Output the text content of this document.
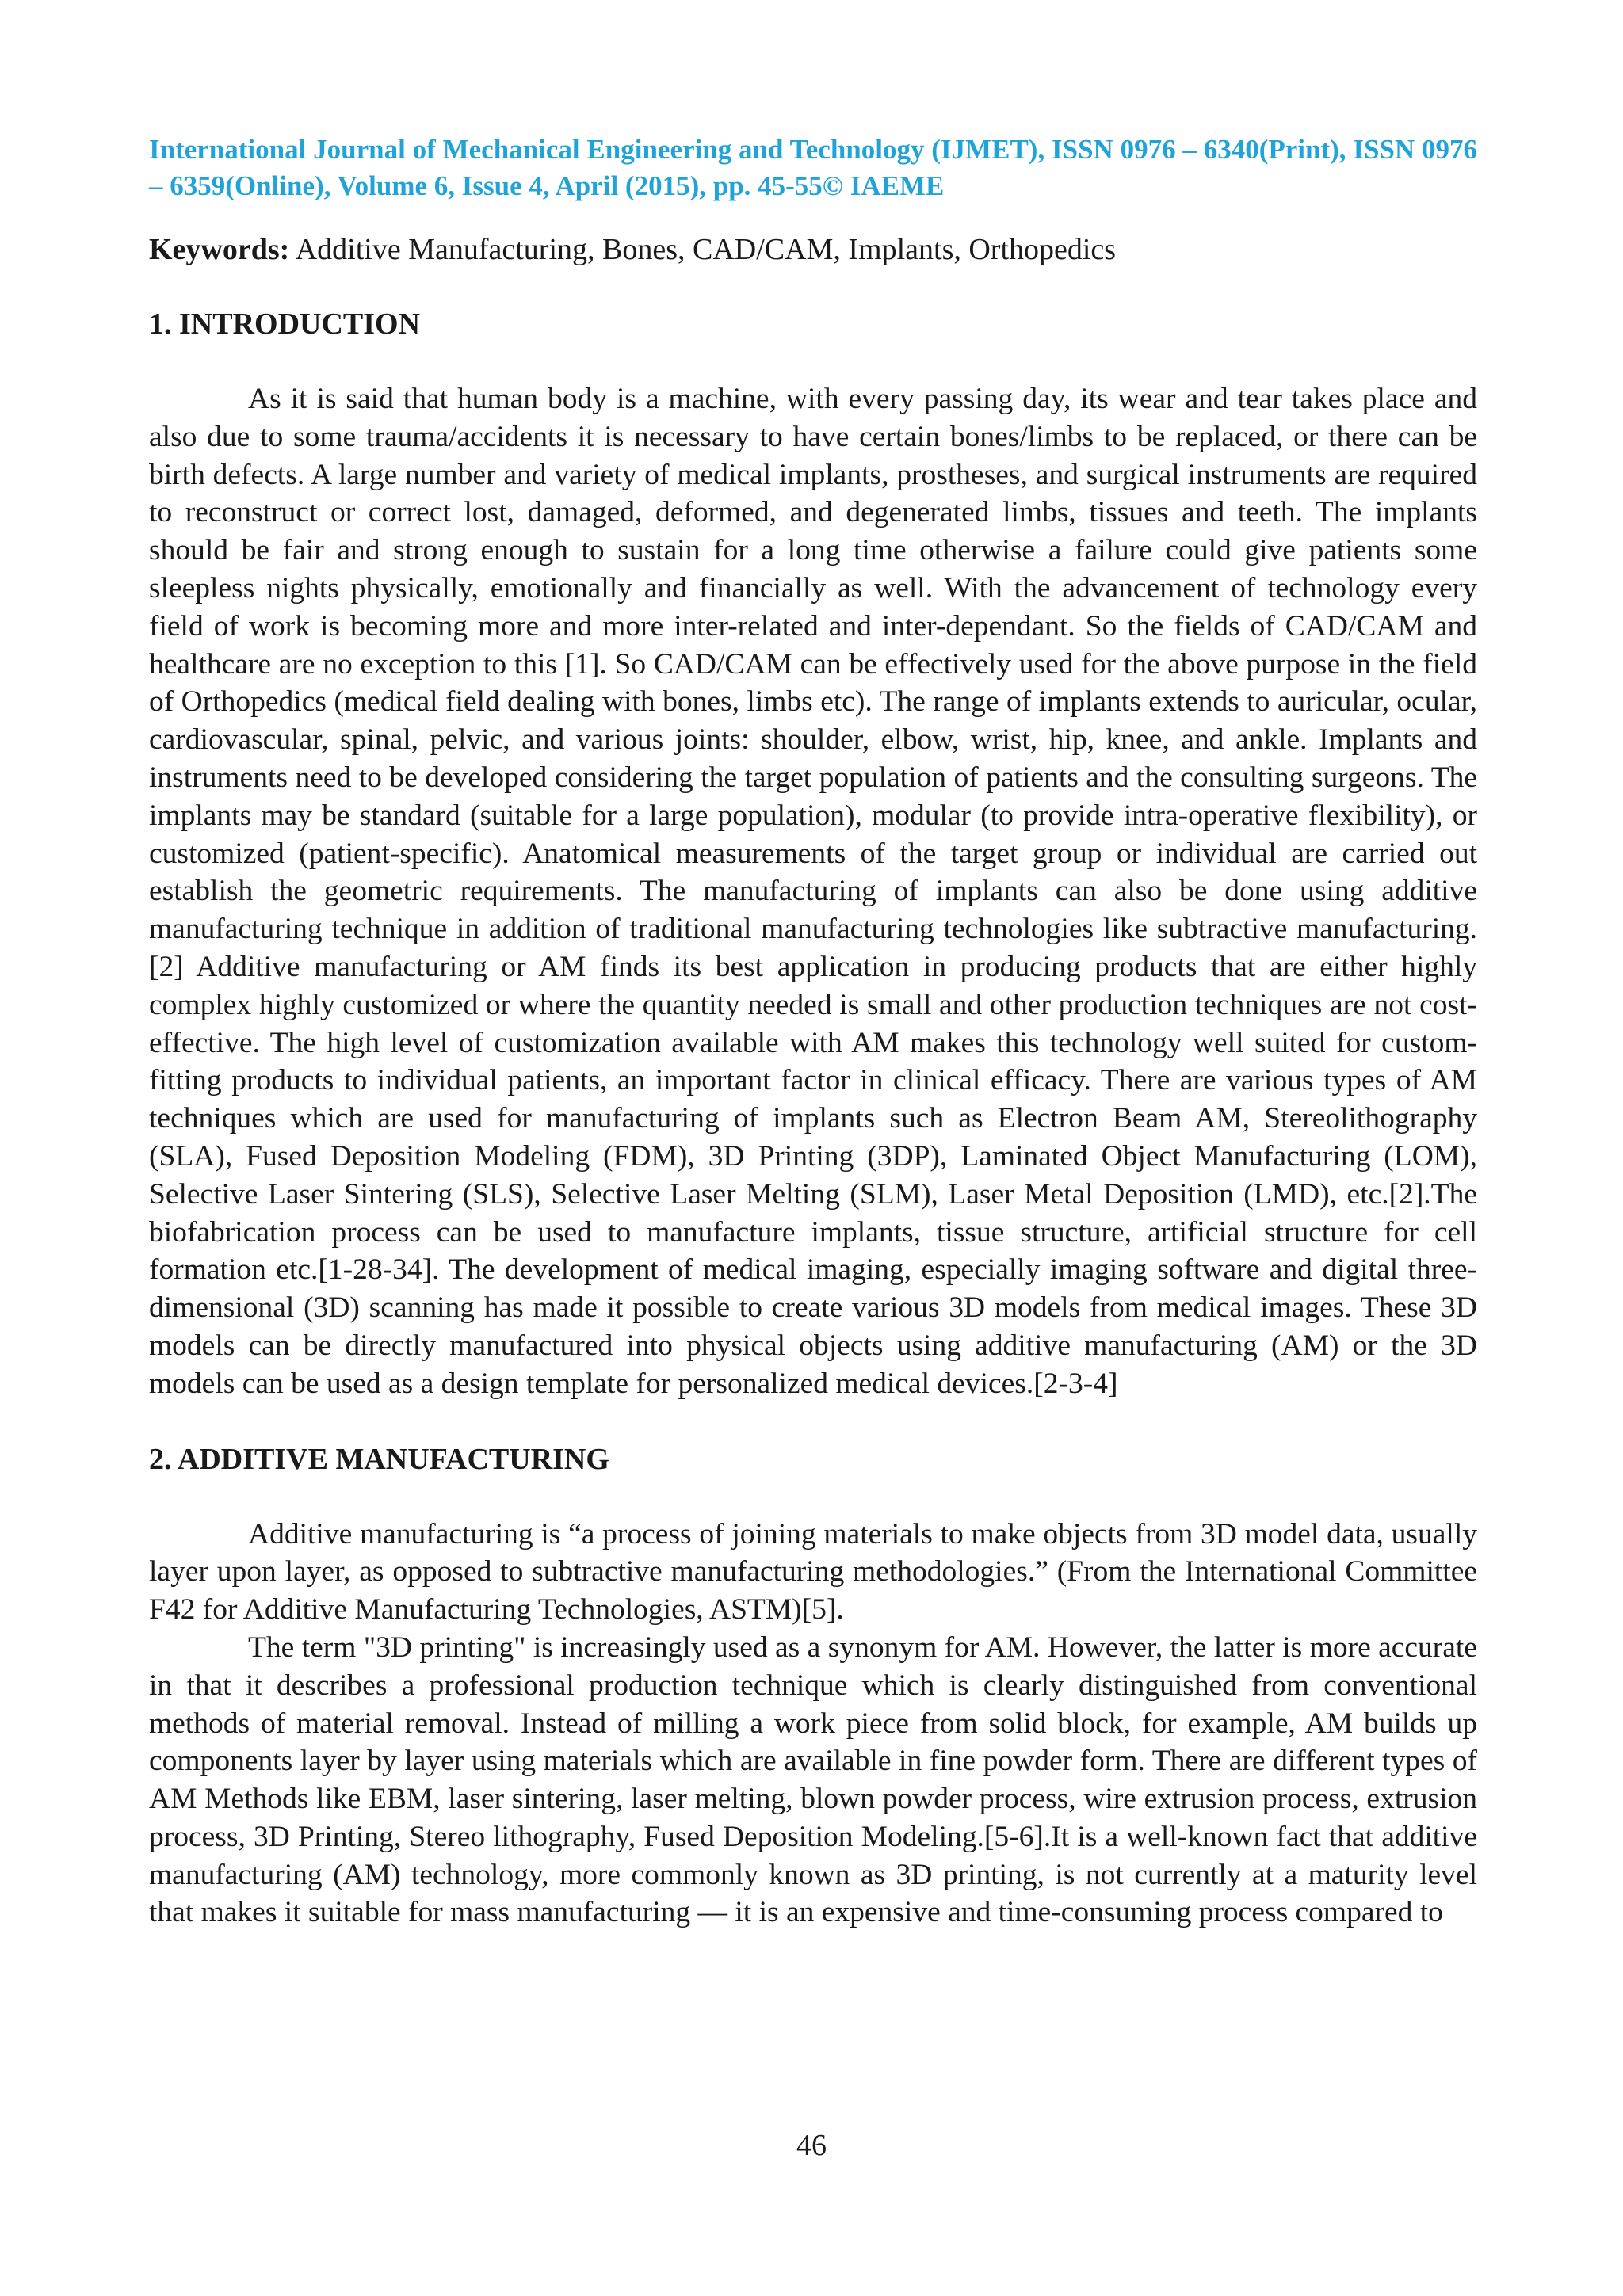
International Journal of Mechanical Engineering and Technology (IJMET), ISSN 0976 – 6340(Print), ISSN 0976 – 6359(Online), Volume 6, Issue 4, April (2015), pp. 45-55© IAEME

Keywords: Additive Manufacturing, Bones, CAD/CAM, Implants, Orthopedics

1. INTRODUCTION

As it is said that human body is a machine, with every passing day, its wear and tear takes place and also due to some trauma/accidents it is necessary to have certain bones/limbs to be replaced, or there can be birth defects. A large number and variety of medical implants, prostheses, and surgical instruments are required to reconstruct or correct lost, damaged, deformed, and degenerated limbs, tissues and teeth. The implants should be fair and strong enough to sustain for a long time otherwise a failure could give patients some sleepless nights physically, emotionally and financially as well. With the advancement of technology every field of work is becoming more and more inter-related and inter-dependant. So the fields of CAD/CAM and healthcare are no exception to this [1]. So CAD/CAM can be effectively used for the above purpose in the field of Orthopedics (medical field dealing with bones, limbs etc). The range of implants extends to auricular, ocular, cardiovascular, spinal, pelvic, and various joints: shoulder, elbow, wrist, hip, knee, and ankle. Implants and instruments need to be developed considering the target population of patients and the consulting surgeons. The implants may be standard (suitable for a large population), modular (to provide intra-operative flexibility), or customized (patient-specific). Anatomical measurements of the target group or individual are carried out establish the geometric requirements. The manufacturing of implants can also be done using additive manufacturing technique in addition of traditional manufacturing technologies like subtractive manufacturing.[2] Additive manufacturing or AM finds its best application in producing products that are either highly complex highly customized or where the quantity needed is small and other production techniques are not cost-effective. The high level of customization available with AM makes this technology well suited for custom-fitting products to individual patients, an important factor in clinical efficacy. There are various types of AM techniques which are used for manufacturing of implants such as Electron Beam AM, Stereolithography (SLA), Fused Deposition Modeling (FDM), 3D Printing (3DP), Laminated Object Manufacturing (LOM), Selective Laser Sintering (SLS), Selective Laser Melting (SLM), Laser Metal Deposition (LMD), etc.[2].The biofabrication process can be used to manufacture implants, tissue structure, artificial structure for cell formation etc.[1-28-34]. The development of medical imaging, especially imaging software and digital three-dimensional (3D) scanning has made it possible to create various 3D models from medical images. These 3D models can be directly manufactured into physical objects using additive manufacturing (AM) or the 3D models can be used as a design template for personalized medical devices.[2-3-4]

2. ADDITIVE MANUFACTURING

Additive manufacturing is “a process of joining materials to make objects from 3D model data, usually layer upon layer, as opposed to subtractive manufacturing methodologies.” (From the International Committee F42 for Additive Manufacturing Technologies, ASTM)[5].

The term "3D printing" is increasingly used as a synonym for AM. However, the latter is more accurate in that it describes a professional production technique which is clearly distinguished from conventional methods of material removal. Instead of milling a work piece from solid block, for example, AM builds up components layer by layer using materials which are available in fine powder form. There are different types of AM Methods like EBM, laser sintering, laser melting, blown powder process, wire extrusion process, extrusion process, 3D Printing, Stereo lithography, Fused Deposition Modeling.[5-6].It is a well-known fact that additive manufacturing (AM) technology, more commonly known as 3D printing, is not currently at a maturity level that makes it suitable for mass manufacturing — it is an expensive and time-consuming process compared to

46
